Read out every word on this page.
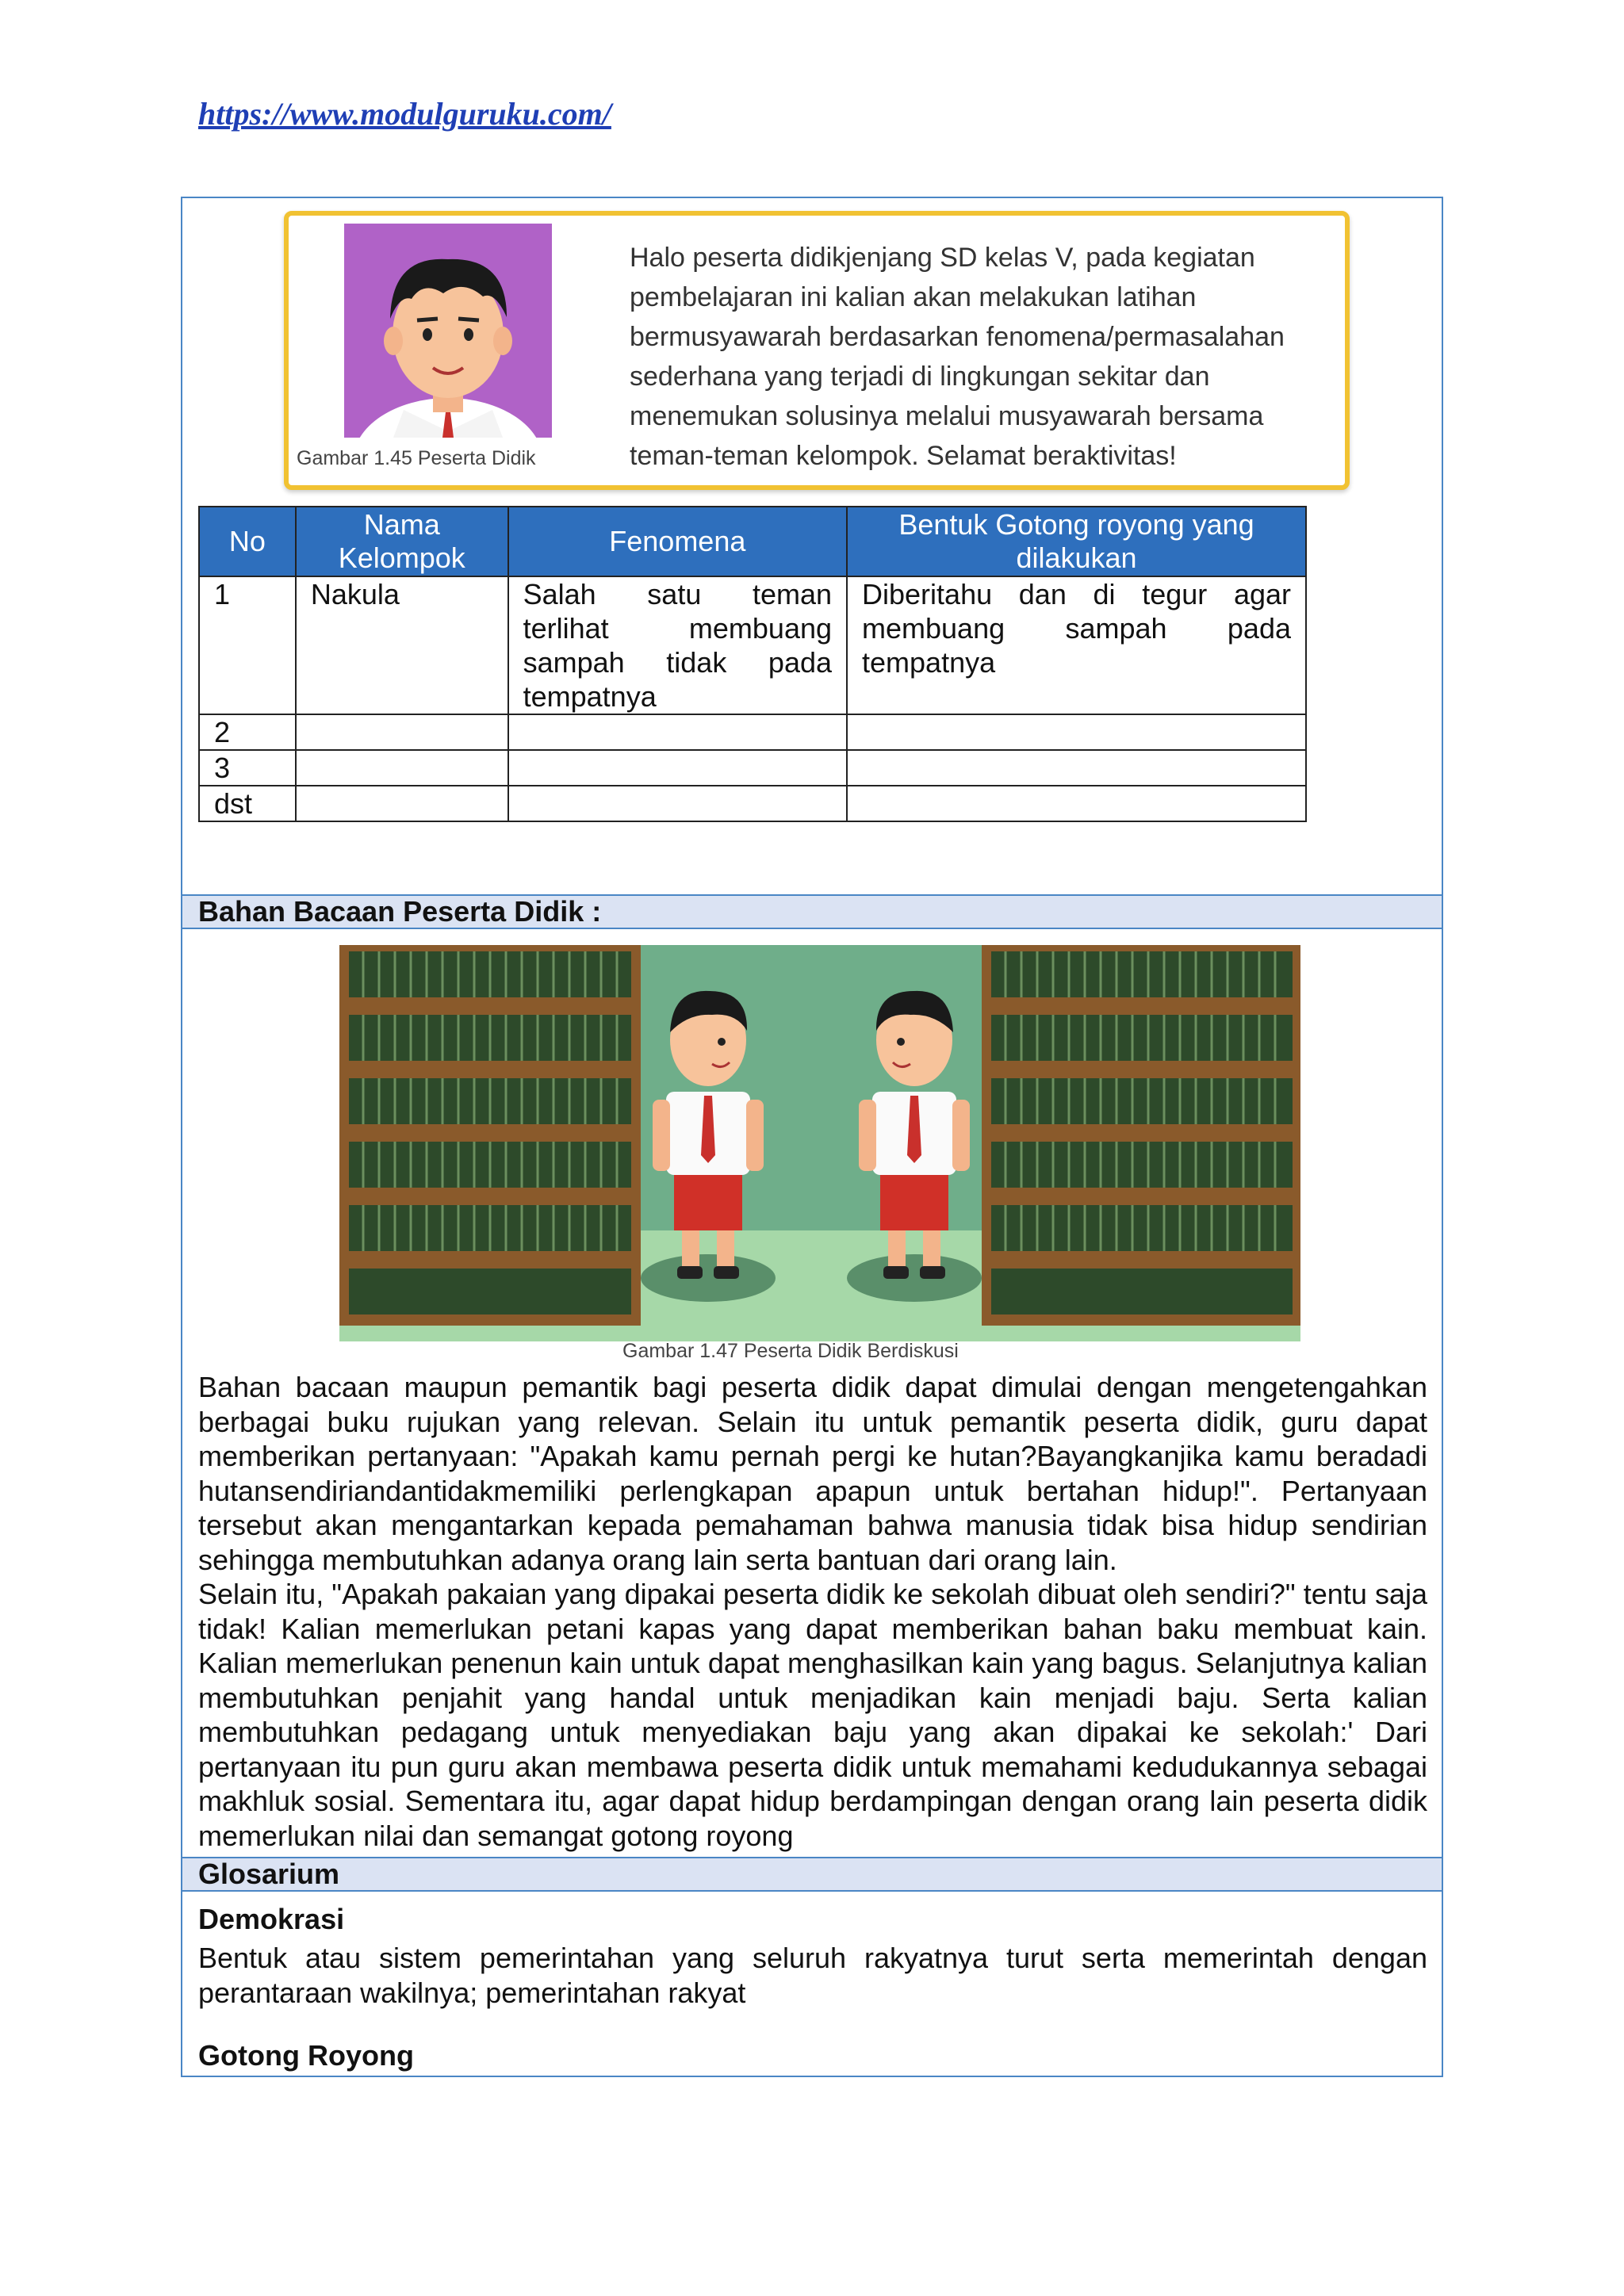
https://www.modulguruku.com/
Gambar 1.45 Peserta Didik
Halo peserta didikjenjang SD kelas V, pada kegiatan pembelajaran ini kalian akan melakukan latihan bermusyawarah berdasarkan fenomena/permasalahan sederhana yang terjadi di lingkungan sekitar dan menemukan solusinya melalui musyawarah bersama teman-teman kelompok. Selamat beraktivitas!
No	Nama Kelompok	Fenomena	Bentuk Gotong royong yang dilakukan
1	Nakula	Salah satu teman terlihat membuang sampah tidak pada tempatnya	Diberitahu dan di tegur agar membuang sampah pada tempatnya
2			
3			
dst			
Bahan Bacaan Peserta Didik :
Gambar 1.47 Peserta Didik Berdiskusi

Bahan bacaan maupun pemantik bagi peserta didik dapat dimulai dengan mengetengahkan berbagai buku rujukan yang relevan. Selain itu untuk pemantik peserta didik, guru dapat memberikan pertanyaan: "Apakah kamu pernah pergi ke hutan?Bayangkanjika kamu beradadi hutansendiriandantidakmemiliki perlengkapan apapun untuk bertahan hidup!". Pertanyaan tersebut akan mengantarkan kepada pemahaman bahwa manusia tidak bisa hidup sendirian sehingga membutuhkan adanya orang lain serta bantuan dari orang lain.

Selain itu, "Apakah pakaian yang dipakai peserta didik ke sekolah dibuat oleh sendiri?" tentu saja tidak! Kalian memerlukan petani kapas yang dapat memberikan bahan baku membuat kain. Kalian memerlukan penenun kain untuk dapat menghasilkan kain yang bagus. Selanjutnya kalian membutuhkan penjahit yang handal untuk menjadikan kain menjadi baju. Serta kalian membutuhkan pedagang untuk menyediakan baju yang akan dipakai ke sekolah:' Dari pertanyaan itu pun guru akan membawa peserta didik untuk memahami kedudukannya sebagai makhluk sosial. Sementara itu, agar dapat hidup berdampingan dengan orang lain peserta didik memerlukan nilai dan semangat gotong royong

Glosarium
Demokrasi
Bentuk atau sistem pemerintahan yang seluruh rakyatnya turut serta memerintah dengan perantaraan wakilnya; pemerintahan rakyat
Gotong Royong
